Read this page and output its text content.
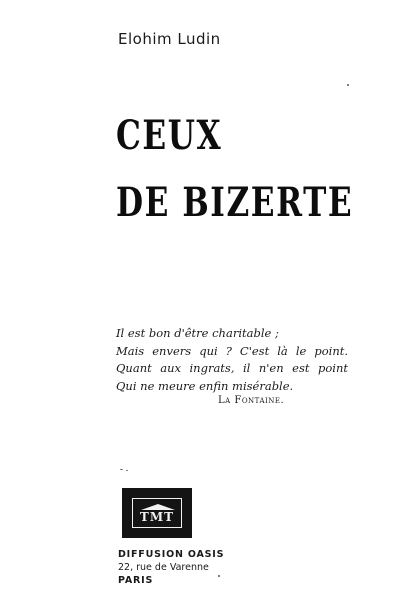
Elohim Ludin
CEUX
DE BIZERTE
Il est bon d'être charitable ;
Mais envers qui ? C'est là le point.
Quant aux ingrats, il n'en est point
Qui ne meure enfin misérable.
La Fontaine.
TMT
DIFFUSION OASIS
22, rue de Varenne
PARIS
